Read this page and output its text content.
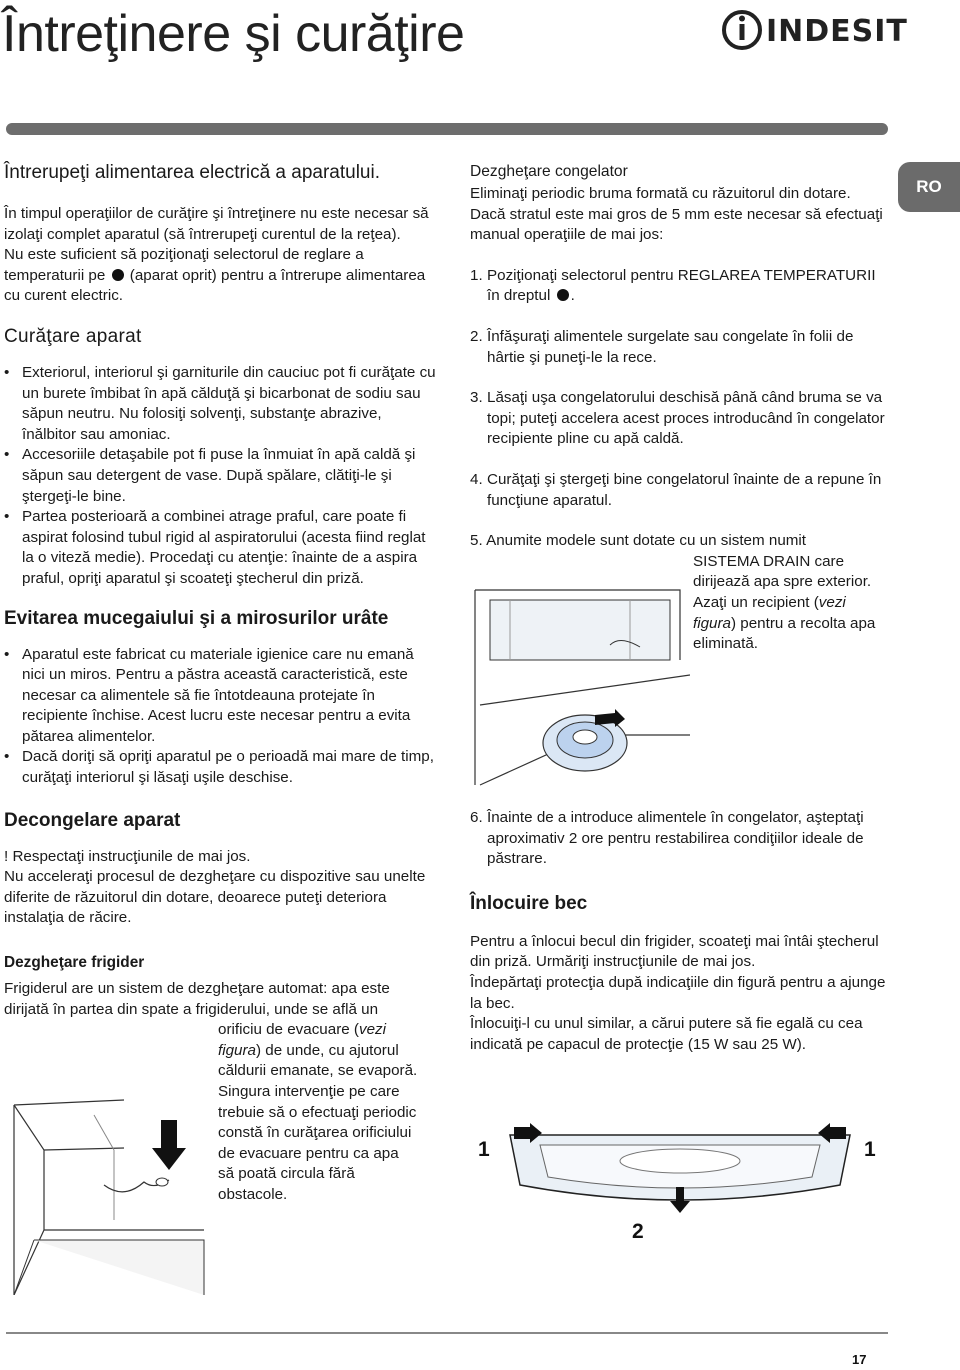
Întreţinere şi curăţire	INDESIT
RO
Întrerupeţi alimentarea electrică a aparatului.

În timpul operaţiilor de curăţire şi întreţinere nu este necesar să izolaţi complet aparatul (să întrerupeţi curentul de la reţea).

Nu este suficient să poziţionaţi selectorul de reglare a temperaturii pe (aparat oprit) pentru a întrerupe alimentarea cu curent electric.

Curăţare aparat
• Exteriorul, interiorul şi garniturile din cauciuc pot fi curăţate cu un burete îmbibat în apă călduţă şi bicarbonat de sodiu sau săpun neutru. Nu folosiţi solvenţi, substanţe abrazive, înălbitor sau amoniac.
• Accesoriile detaşabile pot fi puse la înmuiat în apă caldă şi săpun sau detergent de vase. După spălare, clătiţi-le şi ştergeţi-le bine.
• Partea posterioară a combinei atrage praful, care poate fi aspirat folosind tubul rigid al aspiratorului (acesta fiind reglat la o viteză medie). Procedaţi cu atenţie: înainte de a aspira praful, opriţi aparatul şi scoateţi ştecherul din priză.
Evitarea mucegaiului şi a mirosurilor urâte
• Aparatul este fabricat cu materiale igienice care nu emană nici un miros. Pentru a păstra această caracteristică, este necesar ca alimentele să fie întotdeauna protejate în recipiente închise. Acest lucru este necesar pentru a evita pătarea alimentelor.
• Dacă doriţi să opriţi aparatul pe o perioadă mai mare de timp, curăţaţi interiorul şi lăsaţi uşile deschise.
Decongelare aparat

! Respectaţi instrucţiunile de mai jos.

Nu acceleraţi procesul de dezgheţare cu dispozitive sau unelte diferite de răzuitorul din dotare, deoarece puteţi deteriora instalaţia de răcire.

Dezgheţare frigider

Frigiderul are un sistem de dezgheţare automat: apa este dirijată în partea din spate a frigiderului, unde se află un

orificiu de evacuare (vezi figura) de unde, cu ajutorul căldurii emanate, se evaporă. Singura intervenţie pe care trebuie să o efectuaţi periodic constă în curăţarea orificiului de evacuare pentru ca apa să poată circula fără obstacole.

Dezgheţare congelator

Eliminaţi periodic bruma formată cu răzuitorul din dotare. Dacă stratul este mai gros de 5 mm este necesar să efectuaţi manual operaţiile de mai jos:

1. Poziţionaţi selectorul pentru REGLAREA TEMPERATURII în dreptul .
2. Înfăşuraţi alimentele surgelate sau congelate în folii de hârtie şi puneţi-le la rece.
3. Lăsaţi uşa congelatorului deschisă până când bruma se va topi; puteţi accelera acest proces introducând în congelator recipiente pline cu apă caldă.
4. Curăţaţi şi ştergeţi bine congelatorul înainte de a repune în funcţiune aparatul.

5. Anumite modele sunt dotate cu un sistem numit

SISTEMA DRAIN care dirijează apa spre exterior. Azaţi un recipient (vezi figura) pentru a recolta apa eliminată.

6. Înainte de a introduce alimentele în congelator, aşteptaţi aproximativ 2 ore pentru restabilirea condiţiilor ideale de păstrare.

Înlocuire bec

Pentru a înlocui becul din frigider, scoateţi mai întâi ştecherul din priză. Urmăriţi instrucţiunile de mai jos.

Îndepărtaţi protecţia după indicaţiile din figură pentru a ajunge la bec.

Înlocuiţi-l cu unul similar, a cărui putere să fie egală cu cea indicată pe capacul de protecţie (15 W sau 25 W).

1	1
2
17
